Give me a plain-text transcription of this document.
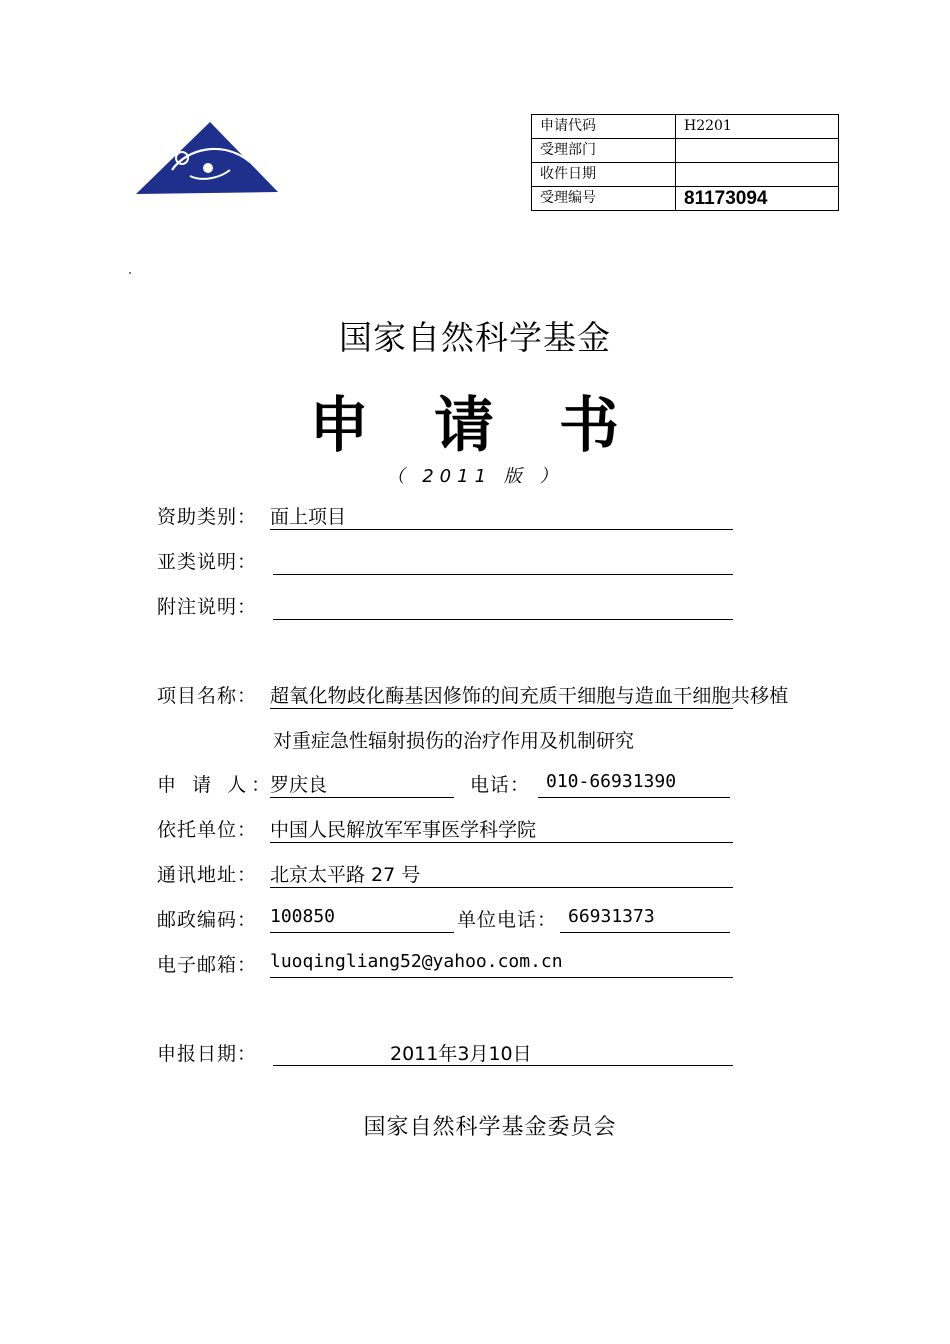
申请代码	H2201
受理部门	
收件日期	
受理编号	81173094
国家自然科学基金
申 请 书
（ 2011 版 ）
资助类别： 面上项目
亚类说明：
附注说明：
项目名称： 超氧化物歧化酶基因修饰的间充质干细胞与造血干细胞共移植
对重症急性辐射损伤的治疗作用及机制研究
申 请 人：
罗庆良	电话： 010-66931390
依托单位： 中国人民解放军军事医学科学院
通讯地址： 北京太平路 27 号
邮政编码： 100850	单位电话： 66931373
电子邮箱： luoqingliang52@yahoo.com.cn
申报日期：	2011年3月10日
国家自然科学基金委员会
